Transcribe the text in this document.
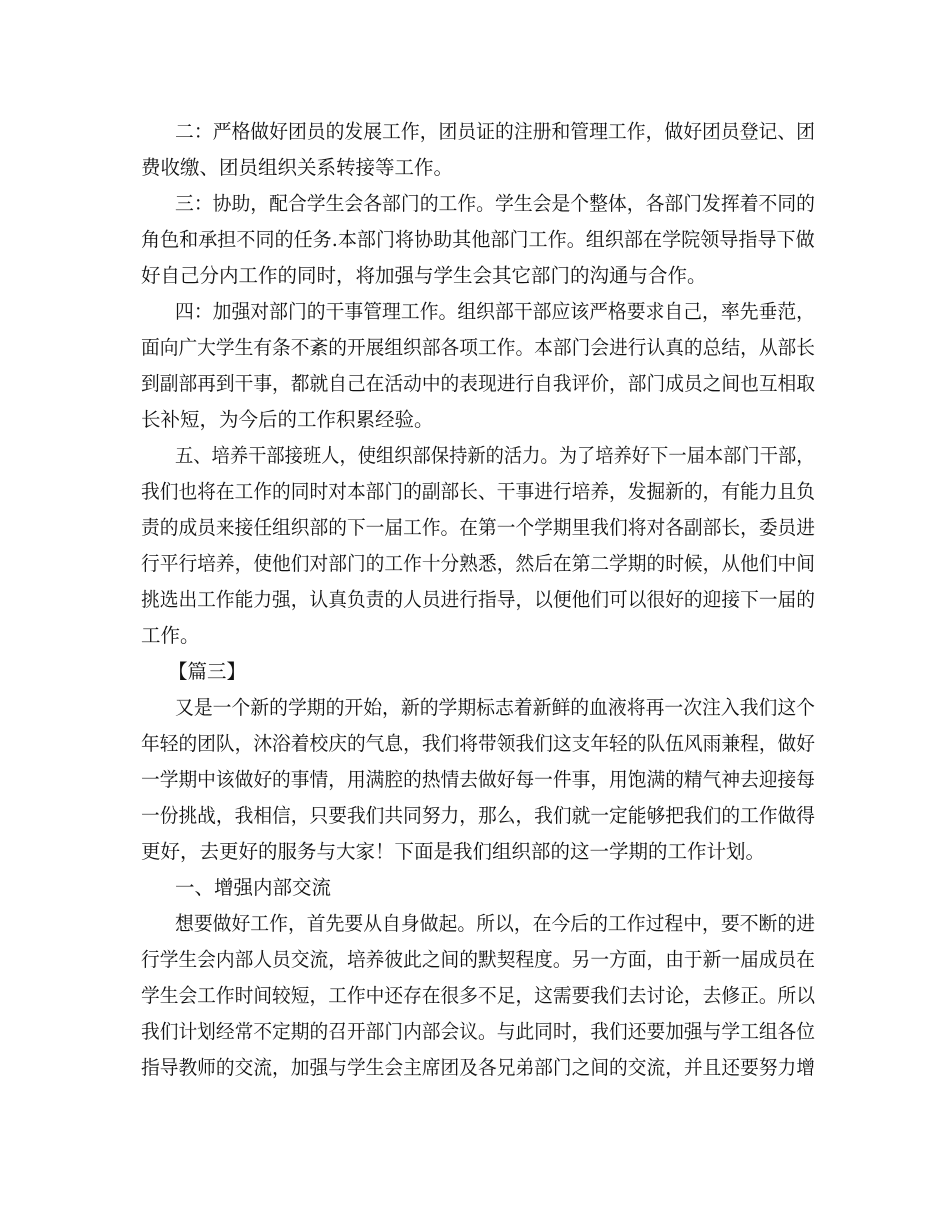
二：严格做好团员的发展工作，团员证的注册和管理工作，做好团员登记、团
费收缴、团员组织关系转接等工作。
三：协助，配合学生会各部门的工作。学生会是个整体，各部门发挥着不同的
角色和承担不同的任务.本部门将协助其他部门工作。组织部在学院领导指导下做
好自己分内工作的同时，将加强与学生会其它部门的沟通与合作。
四：加强对部门的干事管理工作。组织部干部应该严格要求自己，率先垂范，
面向广大学生有条不紊的开展组织部各项工作。本部门会进行认真的总结，从部长
到副部再到干事，都就自己在活动中的表现进行自我评价，部门成员之间也互相取
长补短，为今后的工作积累经验。
五、培养干部接班人，使组织部保持新的活力。为了培养好下一届本部门干部，
我们也将在工作的同时对本部门的副部长、干事进行培养，发掘新的，有能力且负
责的成员来接任组织部的下一届工作。在第一个学期里我们将对各副部长，委员进
行平行培养，使他们对部门的工作十分熟悉，然后在第二学期的时候，从他们中间
挑选出工作能力强，认真负责的人员进行指导，以便他们可以很好的迎接下一届的
工作。
【篇三】
又是一个新的学期的开始，新的学期标志着新鲜的血液将再一次注入我们这个
年轻的团队，沐浴着校庆的气息，我们将带领我们这支年轻的队伍风雨兼程，做好
一学期中该做好的事情，用满腔的热情去做好每一件事，用饱满的精气神去迎接每
一份挑战，我相信，只要我们共同努力，那么，我们就一定能够把我们的工作做得
更好，去更好的服务与大家！下面是我们组织部的这一学期的工作计划。
一、增强内部交流
想要做好工作，首先要从自身做起。所以，在今后的工作过程中，要不断的进
行学生会内部人员交流，培养彼此之间的默契程度。另一方面，由于新一届成员在
学生会工作时间较短，工作中还存在很多不足，这需要我们去讨论，去修正。所以
我们计划经常不定期的召开部门内部会议。与此同时，我们还要加强与学工组各位
指导教师的交流，加强与学生会主席团及各兄弟部门之间的交流，并且还要努力增
